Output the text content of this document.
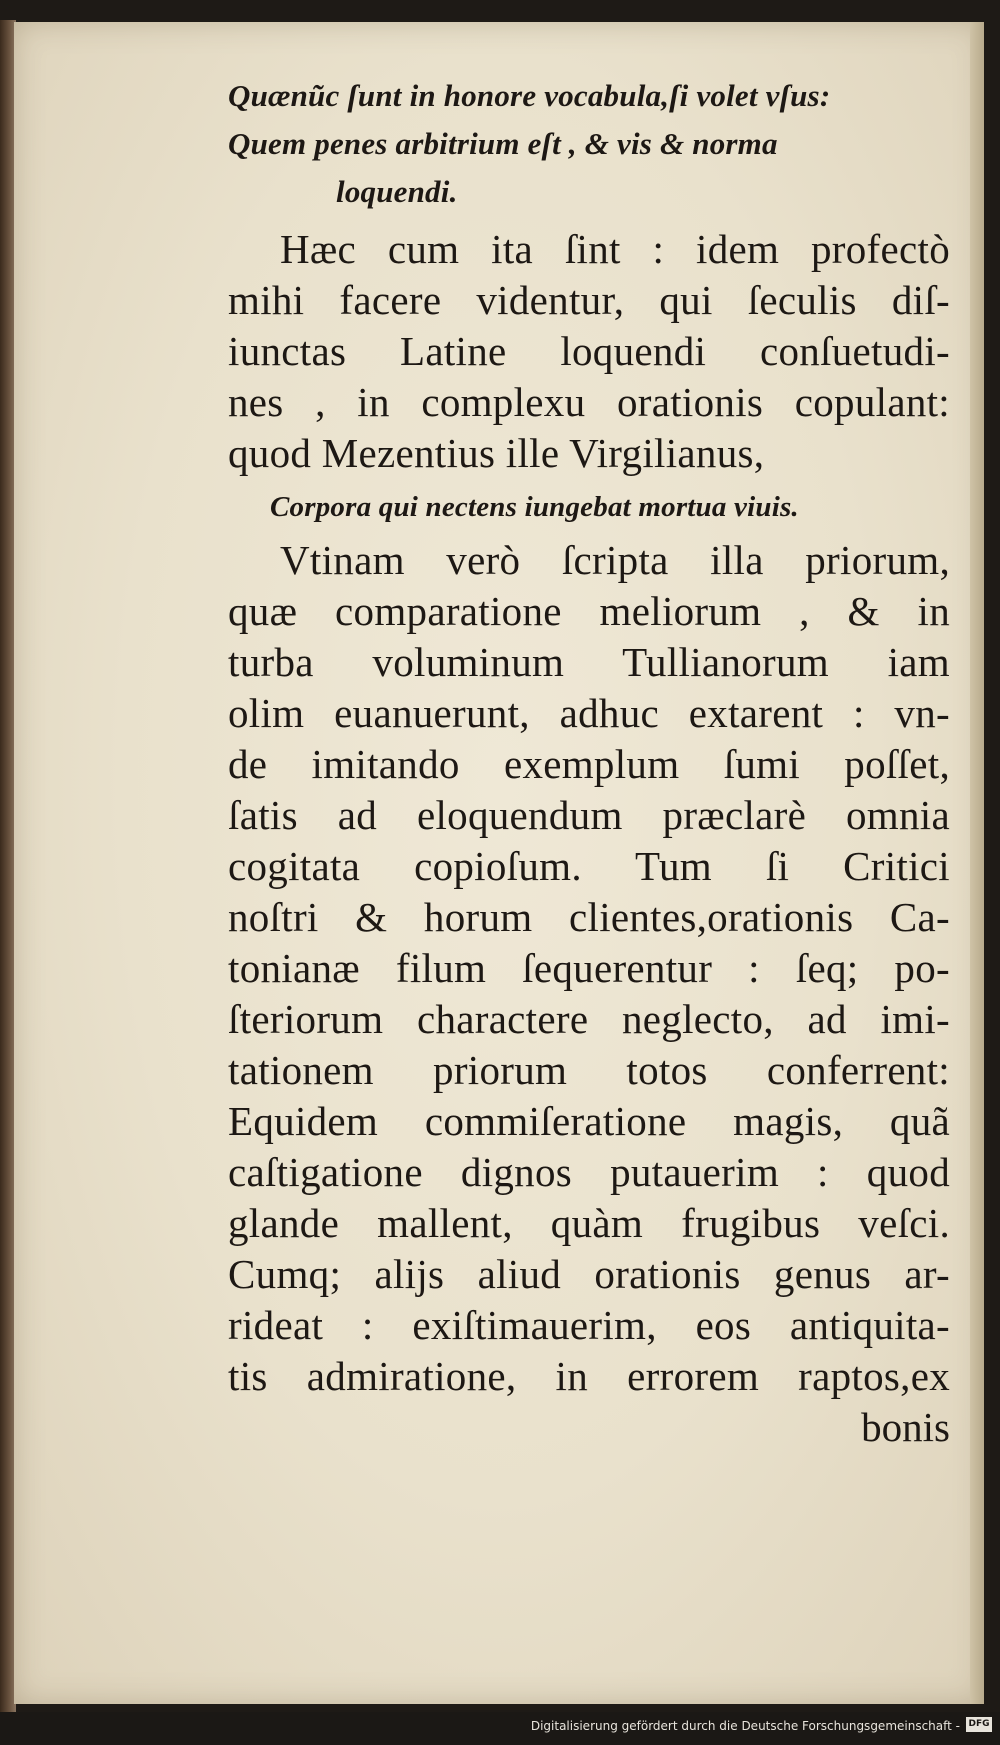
Quænũc ſunt in honore vocabula,ſi volet vſus:
Quem penes arbitrium eſt , & vis & norma
loquendi.
Hæc cum ita ſint : idem profectò
mihi facere videntur, qui ſeculis diſ-
iunctas Latine loquendi conſuetudi-
nes , in complexu orationis copulant:
quod Mezentius ille Virgilianus,
Corpora qui nectens iungebat mortua viuis.
Vtinam verò ſcripta illa priorum,
quæ comparatione meliorum , & in
turba voluminum Tullianorum iam
olim euanuerunt, adhuc extarent : vn-
de imitando exemplum ſumi poſſet,
ſatis ad eloquendum præclarè omnia
cogitata copioſum. Tum ſi Critici
noſtri & horum clientes,orationis Ca-
tonianæ filum ſequerentur : ſeq; po-
ſteriorum charactere neglecto, ad imi-
tationem priorum totos conferrent:
Equidem commiſeratione magis, quã
caſtigatione dignos putauerim : quod
glande mallent, quàm frugibus veſci.
Cumq; alijs aliud orationis genus ar-
rideat : exiſtimauerim, eos antiquita-
tis admiratione, in errorem raptos,ex
bonis
Digitalisierung gefördert durch die Deutsche Forschungsgemeinschaft - DFG
